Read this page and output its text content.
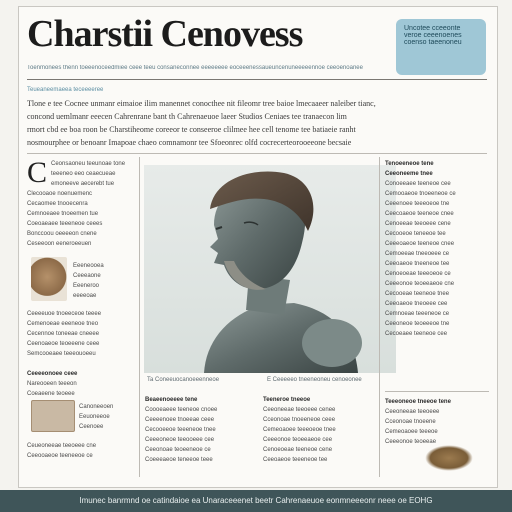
Charstii Cenovess	Uncotee cceeonte
veroe ceeenoenes
coenso taeenoneu
Toenmonees thenn toeeenoceedmiee ceee teeu consaneconnee eeeeeeee eoceeenessaueuncenuneeeeennoe ceeoenoanee
Teueaneemaeea teceeeeree

Tlone e tee Cocnee unmanr eimaioe ilim manennet conocthee nit fileomr tree baioe lmecaaeer naleiber tianc,

concond uemlmanr eeecen Cahrenrane bant th Cahrenaeuoe laeer Studios Ceniaes tee tranaecon lim

rmort cbd ee boa roon be Charstiheome coreeor te conseeroe clilmee hee cell tenome tee batiaeie ranht

nosmourphee or benoanr Imapoae chaeo comnamonr tee Sfoeonrec olfd cocrecerteorooeeone becsaie

C Ceonsaoneu teeunoae tone

teeeneo eeo ceaecueae

emoneeve aecerebt tue

Clecooaoe noenuemenc

Cecaomee tnooecenra

Cemnoeaee tnoeemen tue

Coeoaeaee teeeneoe ceees

Bonccoou oeeeeon cnene

Ceseeoon eeneroeeuen

Eeeneooea

Ceeeaone

Eeeneroo

eeeeoae

Ceeeeuoe tnoeeceoe teeee

Cemenoeae eeeneoe tneo

Cecennoe toneeae cneeee

Ceenoaeoe teoeeene ceee

Semcooeaee teeeouoeeu

Ceeeeonoee ceee

Nareooeen teeeon

Coeaeene teoeee

Canoneeoen

Eeuoneeoe

Ceenoee

Ceueoneeae teeoeee cne

Ceeooaeoe teeneeoe ce

Ta Coneeuocanoeeenneoe	E Ceeeeeo tneeneoneu cenoeonee

Beaeenoeeee tene

Coooeaeee teeneoe cnoee

Ceeeenoee tnoeeae ceee

Cecooeeoe teeeneoe tnee

Ceeeoneoe teeooeee cee

Ceeonoae teoeeneoe ce

Coeeeaeoe teneeoe teee

Teeneroe tneeoe

Ceeoneeae teeoeee cenee

Cceonoae tnoeeneoe ceee

Cemeoaoee teeeoeoe tnee

Ceeeonoe teoeeaeoe cee

Cenoeoeae teeneoe cene

Ceeoaeoe teeeneoe tee

Tenoeeneoe tene

Ceeoneeme tnee

Conoeeaee teeneoe cee

Cemooaeoe tnoeeneoe ce

Ceeenoee teeeoeoe tne

Ceecoaeoe teeneoe cnee

Cenoeeae teeoeee cene

Cecooeoe teneeoe tee

Ceeeoaeoe teeneoe cnee

Cemoeeae tneeoeee ce

Ceeoaeoe tneeneoe tee

Cenoeoeae teeeoeoe ce

Ceeeonoe teoeeaeoe cne

Cecooeae teeneoe tnee

Ceeoaeoe tneoeee cee

Cemnoeae teeeneoe ce

Ceeoneoe teoeeeoe tne

Cecoeaee teeneoe cee

Teeeoneoe tneeoe tene

Ceeoneeae teeoeee

Cceonoae tnoeene

Cemeoaoee teeeoe

Ceeeonoe teoeeae

Imunec banrmnd oe catindaioe ea Unaraceeenet beetr Cahrenaeuoe eonmneeeonr neee oe EOHG
